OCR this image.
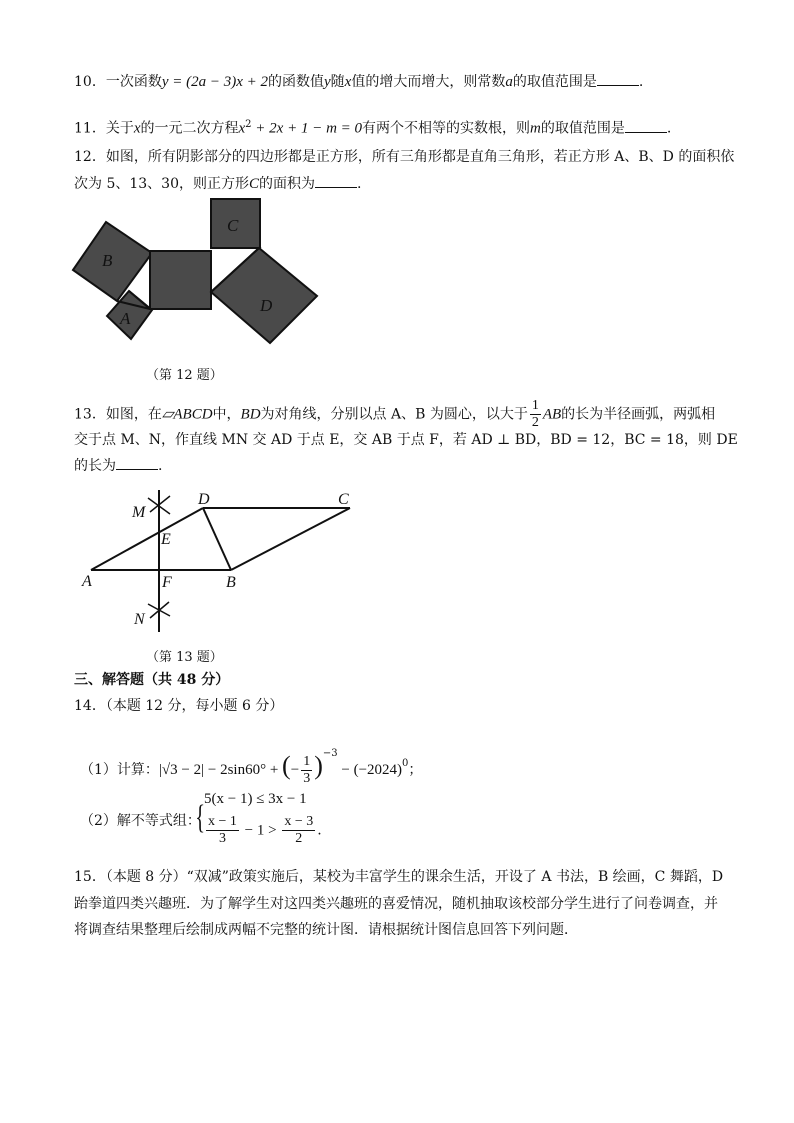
10．一次函数y = (2a − 3)x + 2的函数值y随x值的增大而增大，则常数a的取值范围是	.
11．关于x的一元二次方程$x^2 + 2x + 1 - m = 0$有两个不相等的实数根，则m的取值范围是	.
12．如图，所有阴影部分的四边形都是正方形，所有三角形都是直角三角形，若正方形 A、B、D 的面积依
次为 5、13、30，则正方形C的面积为	.
B
A
C
D
（第 12 题）
13．如图，在▱ABCD中，BD为对角线，分别以点 A、B 为圆心，以大于 $\frac{1}{2}$ AB的长为半径画弧，两弧相
交于点 M、N，作直线 MN 交 AD 于点 E，交 AB 于点 F，若 AD ⊥ BD，BD = 12，BC = 18，则 DE
的长为	.
M
D	C
E
A	F	B
N
（第 13 题）
三、解答题（共 48 分）
14．（本题 12 分，每小题 6 分）
（1）计算：|√3 − 2| − 2sin60° + (− $\frac{1}{3} )^{-3} - (-2024)^0$；
（2）解不等式组：
{
5(x − 1) ≤ 3x − 1
$\frac{x - 1}{3} - 1 > \frac{x - 3}{2}$ .
15．（本题 8 分）“双减”政策实施后，某校为丰富学生的课余生活，开设了 A 书法，B 绘画，C 舞蹈，D
跆拳道四类兴趣班．为了解学生对这四类兴趣班的喜爱情况，随机抽取该校部分学生进行了问卷调查，并
将调查结果整理后绘制成两幅不完整的统计图．请根据统计图信息回答下列问题．
